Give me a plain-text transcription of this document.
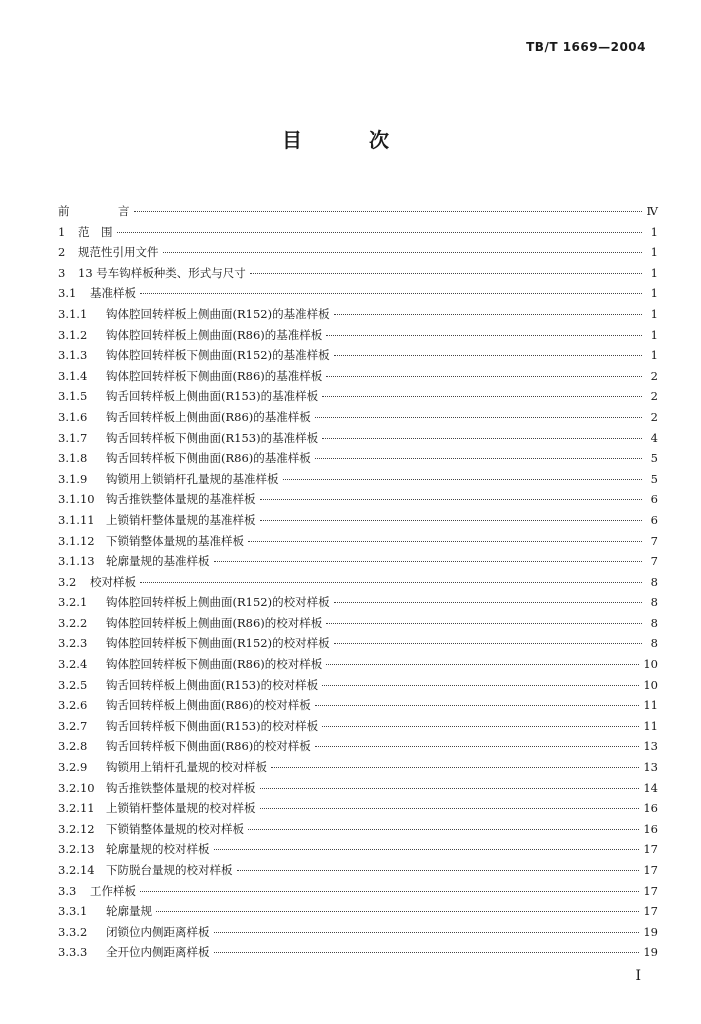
TB/T 1669—2004
目 次
前	言	Ⅳ
1	范　围	1
2	规范性引用文件	1
3	13 号车钩样板种类、形式与尺寸	1
3.1	基准样板	1
3.1.1	钩体腔回转样板上侧曲面(R152)的基准样板	1
3.1.2	钩体腔回转样板上侧曲面(R86)的基准样板	1
3.1.3	钩体腔回转样板下侧曲面(R152)的基准样板	1
3.1.4	钩体腔回转样板下侧曲面(R86)的基准样板	2
3.1.5	钩舌回转样板上侧曲面(R153)的基准样板	2
3.1.6	钩舌回转样板上侧曲面(R86)的基准样板	2
3.1.7	钩舌回转样板下侧曲面(R153)的基准样板	4
3.1.8	钩舌回转样板下侧曲面(R86)的基准样板	5
3.1.9	钩锁用上锁销杆孔量规的基准样板	5
3.1.10 钩舌推铁整体量规的基准样板	6
3.1.11 上锁销杆整体量规的基准样板	6
3.1.12 下锁销整体量规的基准样板	7
3.1.13 轮廓量规的基准样板	7
3.2	校对样板	8
3.2.1	钩体腔回转样板上侧曲面(R152)的校对样板	8
3.2.2	钩体腔回转样板上侧曲面(R86)的校对样板	8
3.2.3	钩体腔回转样板下侧曲面(R152)的校对样板	8
3.2.4	钩体腔回转样板下侧曲面(R86)的校对样板	10
3.2.5	钩舌回转样板上侧曲面(R153)的校对样板	10
3.2.6	钩舌回转样板上侧曲面(R86)的校对样板	11
3.2.7	钩舌回转样板下侧曲面(R153)的校对样板	11
3.2.8	钩舌回转样板下侧曲面(R86)的校对样板	13
3.2.9	钩锁用上销杆孔量规的校对样板	13
3.2.10 钩舌推铁整体量规的校对样板	14
3.2.11 上锁销杆整体量规的校对样板	16
3.2.12 下锁销整体量规的校对样板	16
3.2.13 轮廓量规的校对样板	17
3.2.14 下防脱台量规的校对样板	17
3.3	工作样板	17
3.3.1	轮廓量规	17
3.3.2	闭锁位内侧距离样板	19
3.3.3	全开位内侧距离样板	19
I
